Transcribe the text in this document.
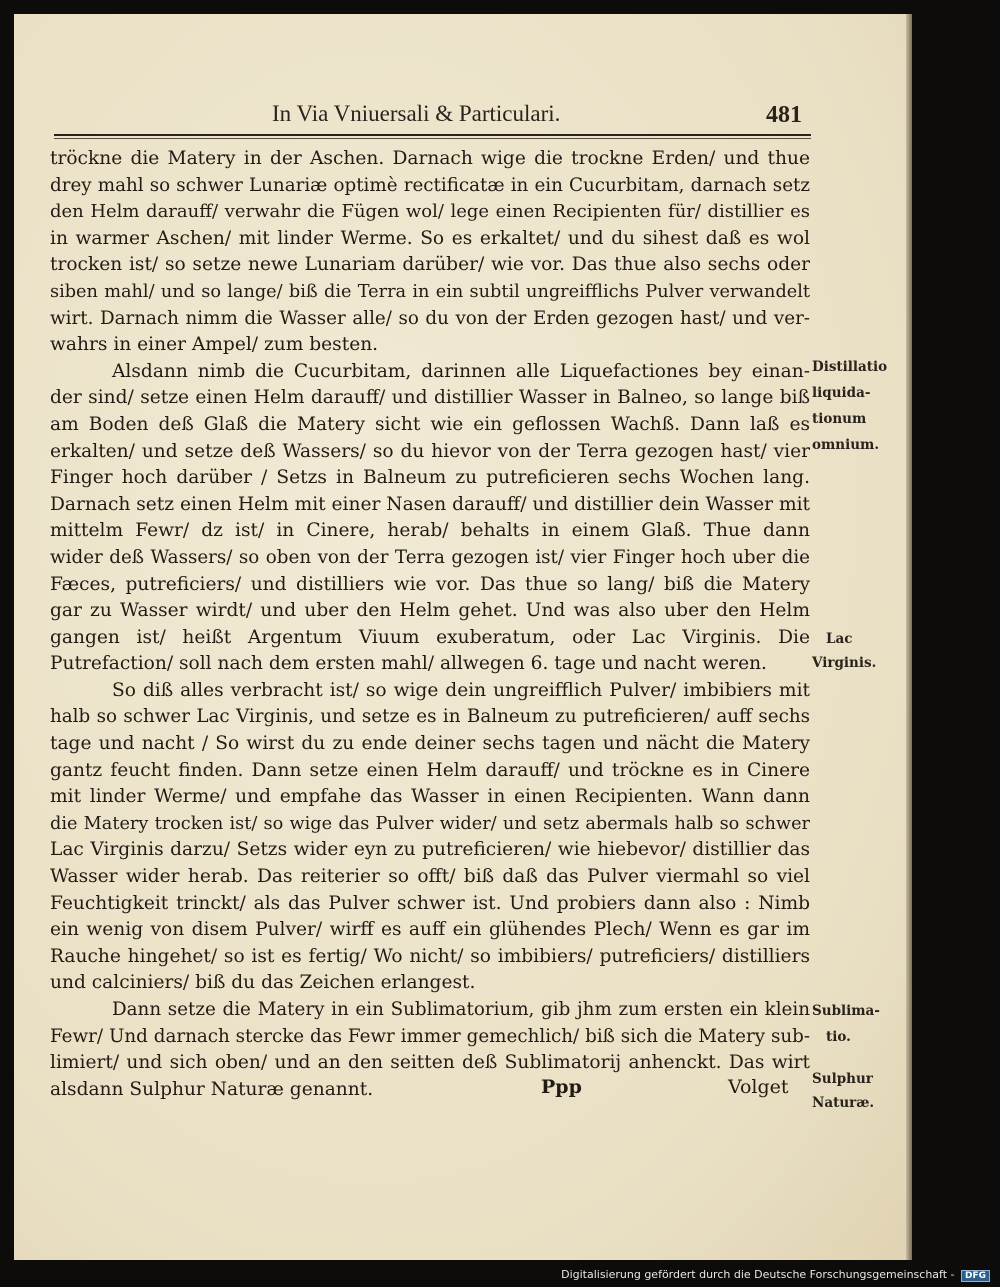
In Via Vniuersali & Particulari.	481
tröckne die Matery in der Aschen. Darnach wige die trockne Erden/ und thue
drey mahl so schwer Lunariæ optimè rectificatæ in ein Cucurbitam, darnach setz
den Helm darauff/ verwahr die Fügen wol/ lege einen Recipienten für/ distillier es
in warmer Aschen/ mit linder Werme. So es erkaltet/ und du sihest daß es wol
trocken ist/ so setze newe Lunariam darüber/ wie vor. Das thue also sechs oder
siben mahl/ und so lange/ biß die Terra in ein subtil ungreifflichs Pulver verwandelt
wirt. Darnach nimm die Wasser alle/ so du von der Erden gezogen hast/ und ver-
wahrs in einer Ampel/ zum besten.
Alsdann nimb die Cucurbitam, darinnen alle Liquefactiones bey einan-
der sind/ setze einen Helm darauff/ und distillier Wasser in Balneo, so lange biß
am Boden deß Glaß die Matery sicht wie ein geflossen Wachß. Dann laß es
erkalten/ und setze deß Wassers/ so du hievor von der Terra gezogen hast/ vier
Finger hoch darüber / Setzs in Balneum zu putreficieren sechs Wochen lang.
Darnach setz einen Helm mit einer Nasen darauff/ und distillier dein Wasser mit
mittelm Fewr/ dz ist/ in Cinere, herab/ behalts in einem Glaß. Thue dann
wider deß Wassers/ so oben von der Terra gezogen ist/ vier Finger hoch uber die
Fæces, putreficiers/ und distilliers wie vor. Das thue so lang/ biß die Matery
gar zu Wasser wirdt/ und uber den Helm gehet. Und was also uber den Helm
gangen ist/ heißt Argentum Viuum exuberatum, oder Lac Virginis. Die
Putrefaction/ soll nach dem ersten mahl/ allwegen 6. tage und nacht weren.
So diß alles verbracht ist/ so wige dein ungreifflich Pulver/ imbibiers mit
halb so schwer Lac Virginis, und setze es in Balneum zu putreficieren/ auff sechs
tage und nacht / So wirst du zu ende deiner sechs tagen und nächt die Matery
gantz feucht finden. Dann setze einen Helm darauff/ und tröckne es in Cinere
mit linder Werme/ und empfahe das Wasser in einen Recipienten. Wann dann
die Matery trocken ist/ so wige das Pulver wider/ und setz abermals halb so schwer
Lac Virginis darzu/ Setzs wider eyn zu putreficieren/ wie hiebevor/ distillier das
Wasser wider herab. Das reiterier so offt/ biß daß das Pulver viermahl so viel
Feuchtigkeit trinckt/ als das Pulver schwer ist. Und probiers dann also : Nimb
ein wenig von disem Pulver/ wirff es auff ein glühendes Plech/ Wenn es gar im
Rauche hingehet/ so ist es fertig/ Wo nicht/ so imbibiers/ putreficiers/ distilliers
und calciniers/ biß du das Zeichen erlangest.
Dann setze die Matery in ein Sublimatorium, gib jhm zum ersten ein klein
Fewr/ Und darnach stercke das Fewr immer gemechlich/ biß sich die Matery sub-
limiert/ und sich oben/ und an den seitten deß Sublimatorij anhenckt. Das wirt
alsdann Sulphur Naturæ genannt.
Distillatio
liquida-
tionum
omnium.
Lac
Virginis.
Sublima-
tio.
Sulphur
Naturæ.
Ppp	Volget
Digitalisierung gefördert durch die Deutsche Forschungsgemeinschaft - DFG
